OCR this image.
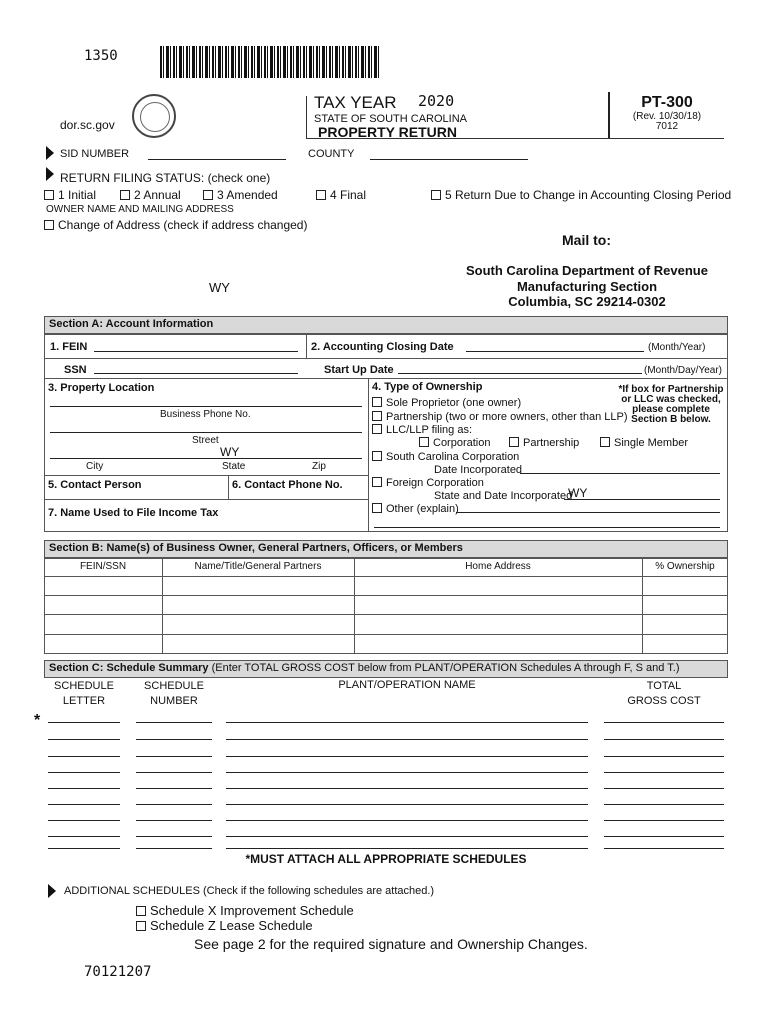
1350
dor.sc.gov
TAX YEAR 2020
STATE OF SOUTH CAROLINA
PROPERTY RETURN
PT-300
(Rev. 10/30/18)
7012
SID NUMBER	COUNTY
RETURN FILING STATUS: (check one)
1 Initial	2 Annual	3 Amended	4 Final	5 Return Due to Change in Accounting Closing Period
OWNER NAME AND MAILING ADDRESS
Change of Address (check if address changed)
WY
Mail to:
South Carolina Department of Revenue
Manufacturing Section
Columbia, SC 29214-0302
Section A: Account Information
1. FEIN	2. Accounting Closing Date	(Month/Year)
SSN	Start Up Date	(Month/Day/Year)
3. Property Location
Business Phone No.
Street
WY
City	State	Zip
5. Contact Person	6. Contact Phone No.
7. Name Used to File Income Tax
4. Type of Ownership	*If box for Partnership
or LLC was checked,
please complete
Section B below.
Sole Proprietor (one owner)
Partnership (two or more owners, other than LLP)
LLC/LLP filing as:
Corporation	Partnership	Single Member
South Carolina Corporation
Date Incorporated
Foreign Corporation
State and Date Incorporated
WY
Other (explain)
Section B: Name(s) of Business Owner, General Partners, Officers, or Members
FEIN/SSN	Name/Title/General Partners	Home Address	% Ownership
Section C: Schedule Summary (Enter TOTAL GROSS COST below from PLANT/OPERATION Schedules A through F, S and T.)
SCHEDULE
LETTER
SCHEDULE
NUMBER
PLANT/OPERATION NAME	TOTAL
GROSS COST
*
*MUST ATTACH ALL APPROPRIATE SCHEDULES
ADDITIONAL SCHEDULES (Check if the following schedules are attached.)
Schedule X Improvement Schedule
Schedule Z Lease Schedule
See page 2 for the required signature and Ownership Changes.
70121207
